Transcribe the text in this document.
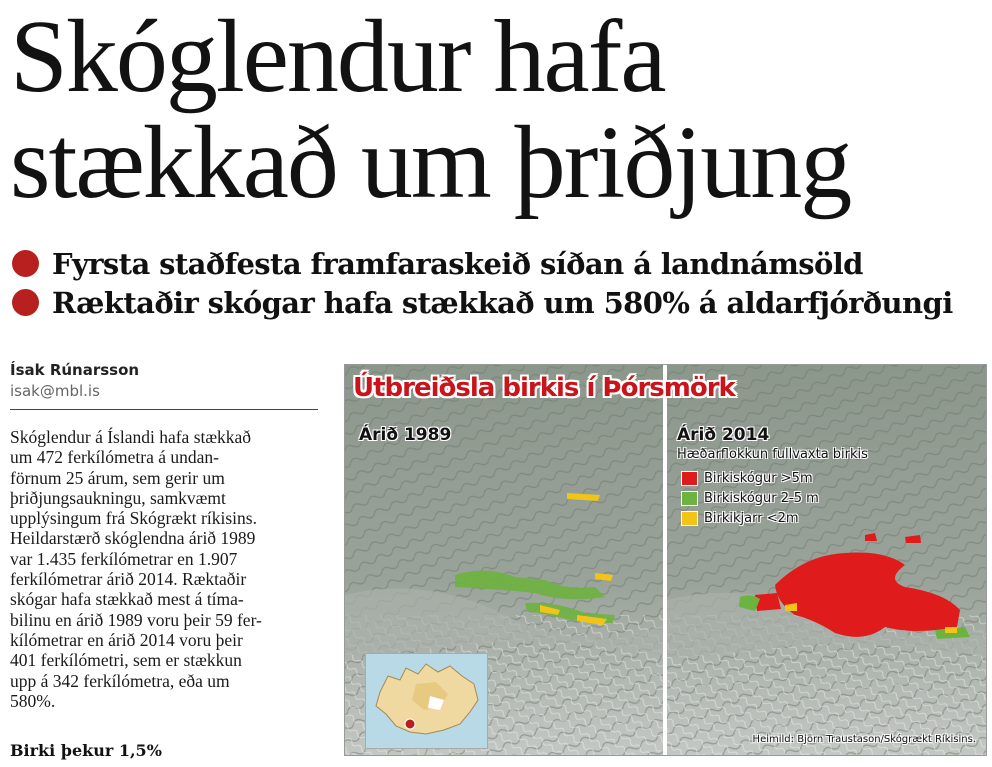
Skóglendur hafa
stækkað um þriðjung
Fyrsta staðfesta framfaraskeið síðan á landnámsöld
Ræktaðir skógar hafa stækkað um 580% á aldarfjórðungi
Ísak Rúnarsson
isak@mbl.is
Skóglendur á Íslandi hafa stækkað
um 472 ferkílómetra á undan-
förnum 25 árum, sem gerir um
þriðjungsaukningu, samkvæmt
upplýsingum frá Skógrækt ríkisins.
Heildarstærð skóglendna árið 1989
var 1.435 ferkílómetrar en 1.907
ferkílómetrar árið 2014. Ræktaðir
skógar hafa stækkað mest á tíma-
bilinu en árið 1989 voru þeir 59 fer-
kílómetrar en árið 2014 voru þeir
401 ferkílómetri, sem er stækkun
upp á 342 ferkílómetra, eða um
580%.
Birki þekur 1,5%
Útbreiðsla birkis í Þórsmörk
Árið 1989	Árið 2014
Hæðarflokkun fullvaxta birkis
Birkiskógur >5m
Birkiskógur 2-5 m
Birkikjarr <2m
Heimild: Björn Traustason/Skógrækt Ríkisins.
